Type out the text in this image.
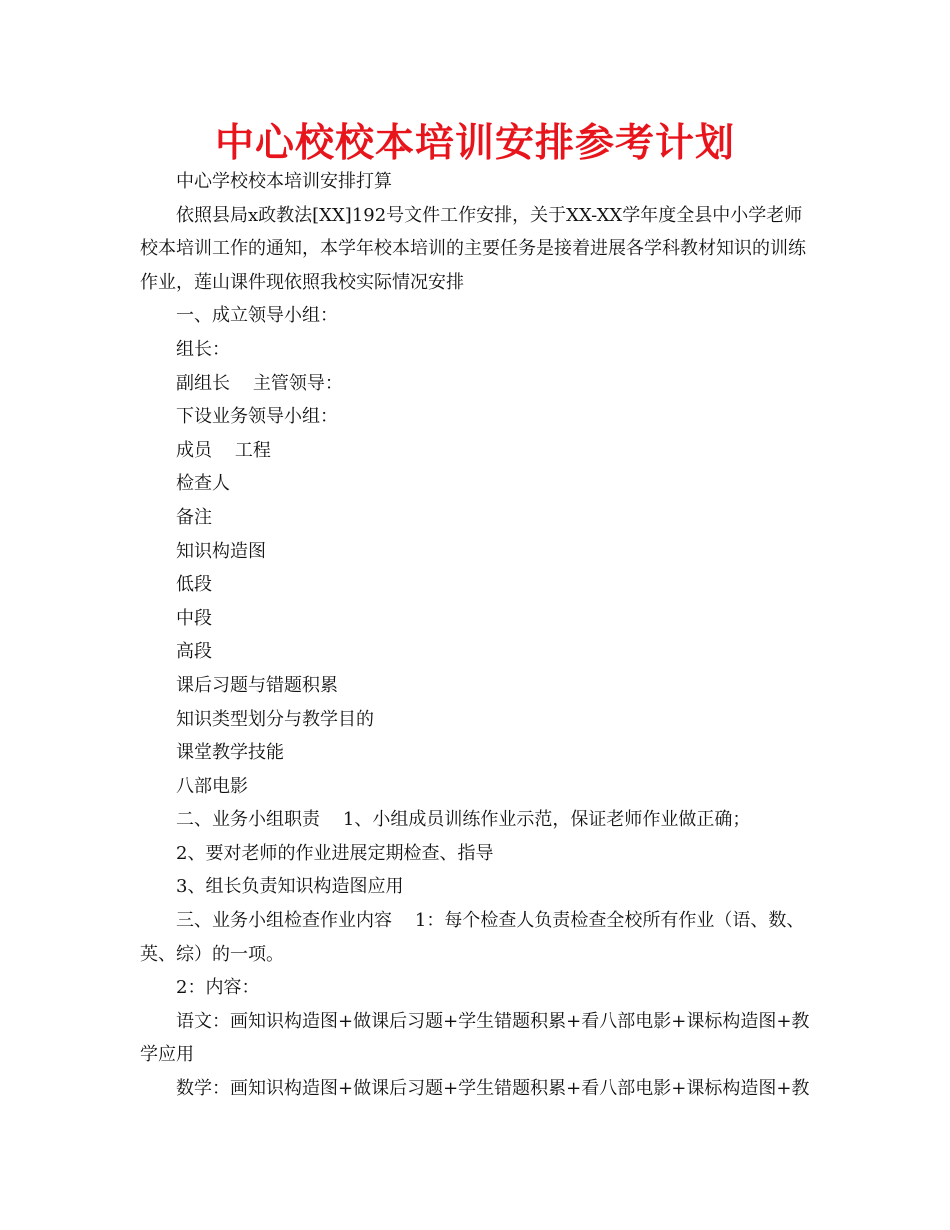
中心校校本培训安排参考计划

中心学校校本培训安排打算

依照县局x政教法[XX]192号文件工作安排，关于XX-XX学年度全县中小学老师校本培训工作的通知，本学年校本培训的主要任务是接着进展各学科教材知识的训练作业，莲山课件现依照我校实际情况安排

一、成立领导小组：

组长：

副组长    主管领导：

下设业务领导小组：

成员    工程

检查人

备注

知识构造图

低段

中段

高段

课后习题与错题积累

知识类型划分与教学目的

课堂教学技能

八部电影

二、业务小组职责    1、小组成员训练作业示范，保证老师作业做正确；

2、要对老师的作业进展定期检查、指导

3、组长负责知识构造图应用

三、业务小组检查作业内容    1：每个检查人负责检查全校所有作业（语、数、英、综）的一项。

2：内容：

语文：画知识构造图+做课后习题+学生错题积累+看八部电影+课标构造图+教学应用

数学：画知识构造图+做课后习题+学生错题积累+看八部电影+课标构造图+教
